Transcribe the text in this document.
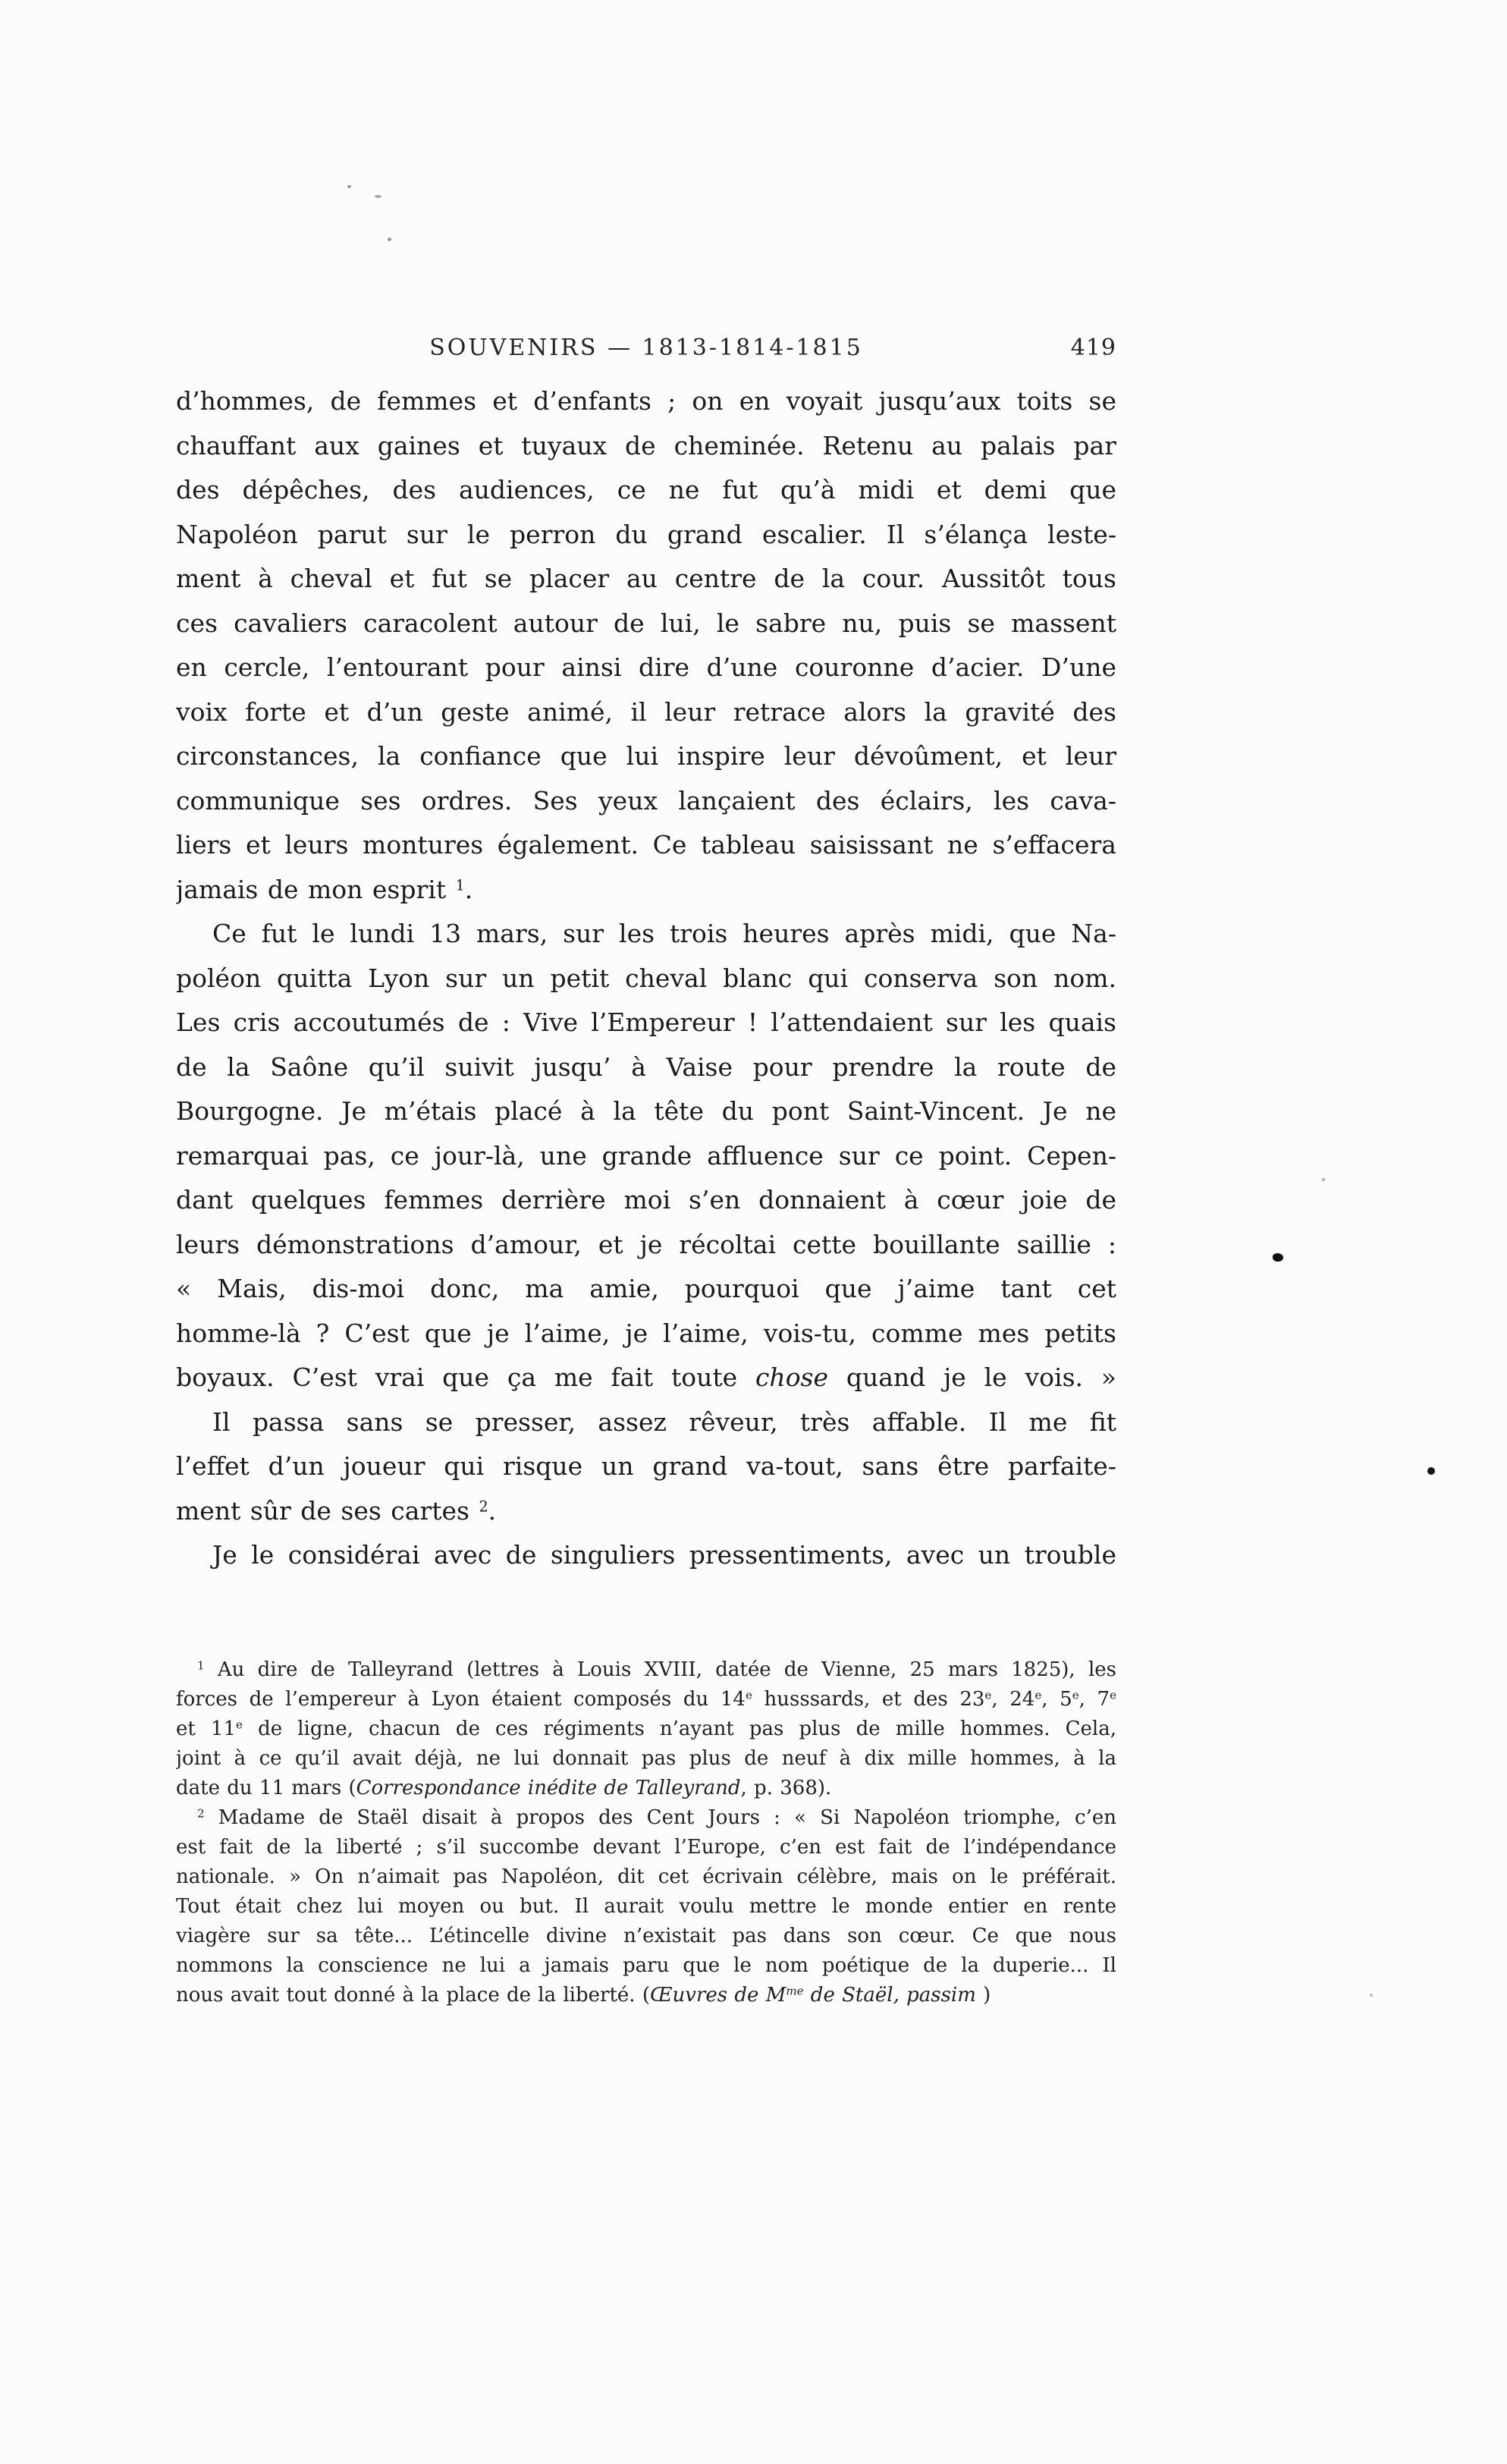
SOUVENIRS — 1813-1814-1815	419
d’hommes, de femmes et d’enfants ; on en voyait jusqu’aux toits se
chauffant aux gaines et tuyaux de cheminée. Retenu au palais par
des dépêches, des audiences, ce ne fut qu’à midi et demi que
Napoléon parut sur le perron du grand escalier. Il s’élança leste-
ment à cheval et fut se placer au centre de la cour. Aussitôt tous
ces cavaliers caracolent autour de lui, le sabre nu, puis se massent
en cercle, l’entourant pour ainsi dire d’une couronne d’acier. D’une
voix forte et d’un geste animé, il leur retrace alors la gravité des
circonstances, la confiance que lui inspire leur dévoûment, et leur
communique ses ordres. Ses yeux lançaient des éclairs, les cava-
liers et leurs montures également. Ce tableau saisissant ne s’effacera
jamais de mon esprit $^1$.
Ce fut le lundi 13 mars, sur les trois heures après midi, que Na-
poléon quitta Lyon sur un petit cheval blanc qui conserva son nom.
Les cris accoutumés de : Vive l’Empereur ! l’attendaient sur les quais
de la Saône qu’il suivit jusqu’ à Vaise pour prendre la route de
Bourgogne. Je m’étais placé à la tête du pont Saint-Vincent. Je ne
remarquai pas, ce jour-là, une grande affluence sur ce point. Cepen-
dant quelques femmes derrière moi s’en donnaient à cœur joie de
leurs démonstrations d’amour, et je récoltai cette bouillante saillie :
« Mais, dis-moi donc, ma amie, pourquoi que j’aime tant cet
homme-là ? C’est que je l’aime, je l’aime, vois-tu, comme mes petits
boyaux. C’est vrai que ça me fait toute chose quand je le vois. »
Il passa sans se presser, assez rêveur, très affable. Il me fit
l’effet d’un joueur qui risque un grand va-tout, sans être parfaite-
ment sûr de ses cartes $^2$.
Je le considérai avec de singuliers pressentiments, avec un trouble
$^1$ Au dire de Talleyrand (lettres à Louis XVIII, datée de Vienne, 25 mars 1825), les
forces de l’empereur à Lyon étaient composés du 14e husssards, et des 23e, 24e, 5e, 7e
et 11e de ligne, chacun de ces régiments n’ayant pas plus de mille hommes. Cela,
joint à ce qu’il avait déjà, ne lui donnait pas plus de neuf à dix mille hommes, à la
date du 11 mars (Correspondance inédite de Talleyrand, p. 368).
$^2$ Madame de Staël disait à propos des Cent Jours : « Si Napoléon triomphe, c’en
est fait de la liberté ; s’il succombe devant l’Europe, c’en est fait de l’indépendance
nationale. » On n’aimait pas Napoléon, dit cet écrivain célèbre, mais on le préférait.
Tout était chez lui moyen ou but. Il aurait voulu mettre le monde entier en rente
viagère sur sa tête... L’étincelle divine n’existait pas dans son cœur. Ce que nous
nommons la conscience ne lui a jamais paru que le nom poétique de la duperie... Il
nous avait tout donné à la place de la liberté. (Œuvres de $M^{me}$ de Staël, passim )
